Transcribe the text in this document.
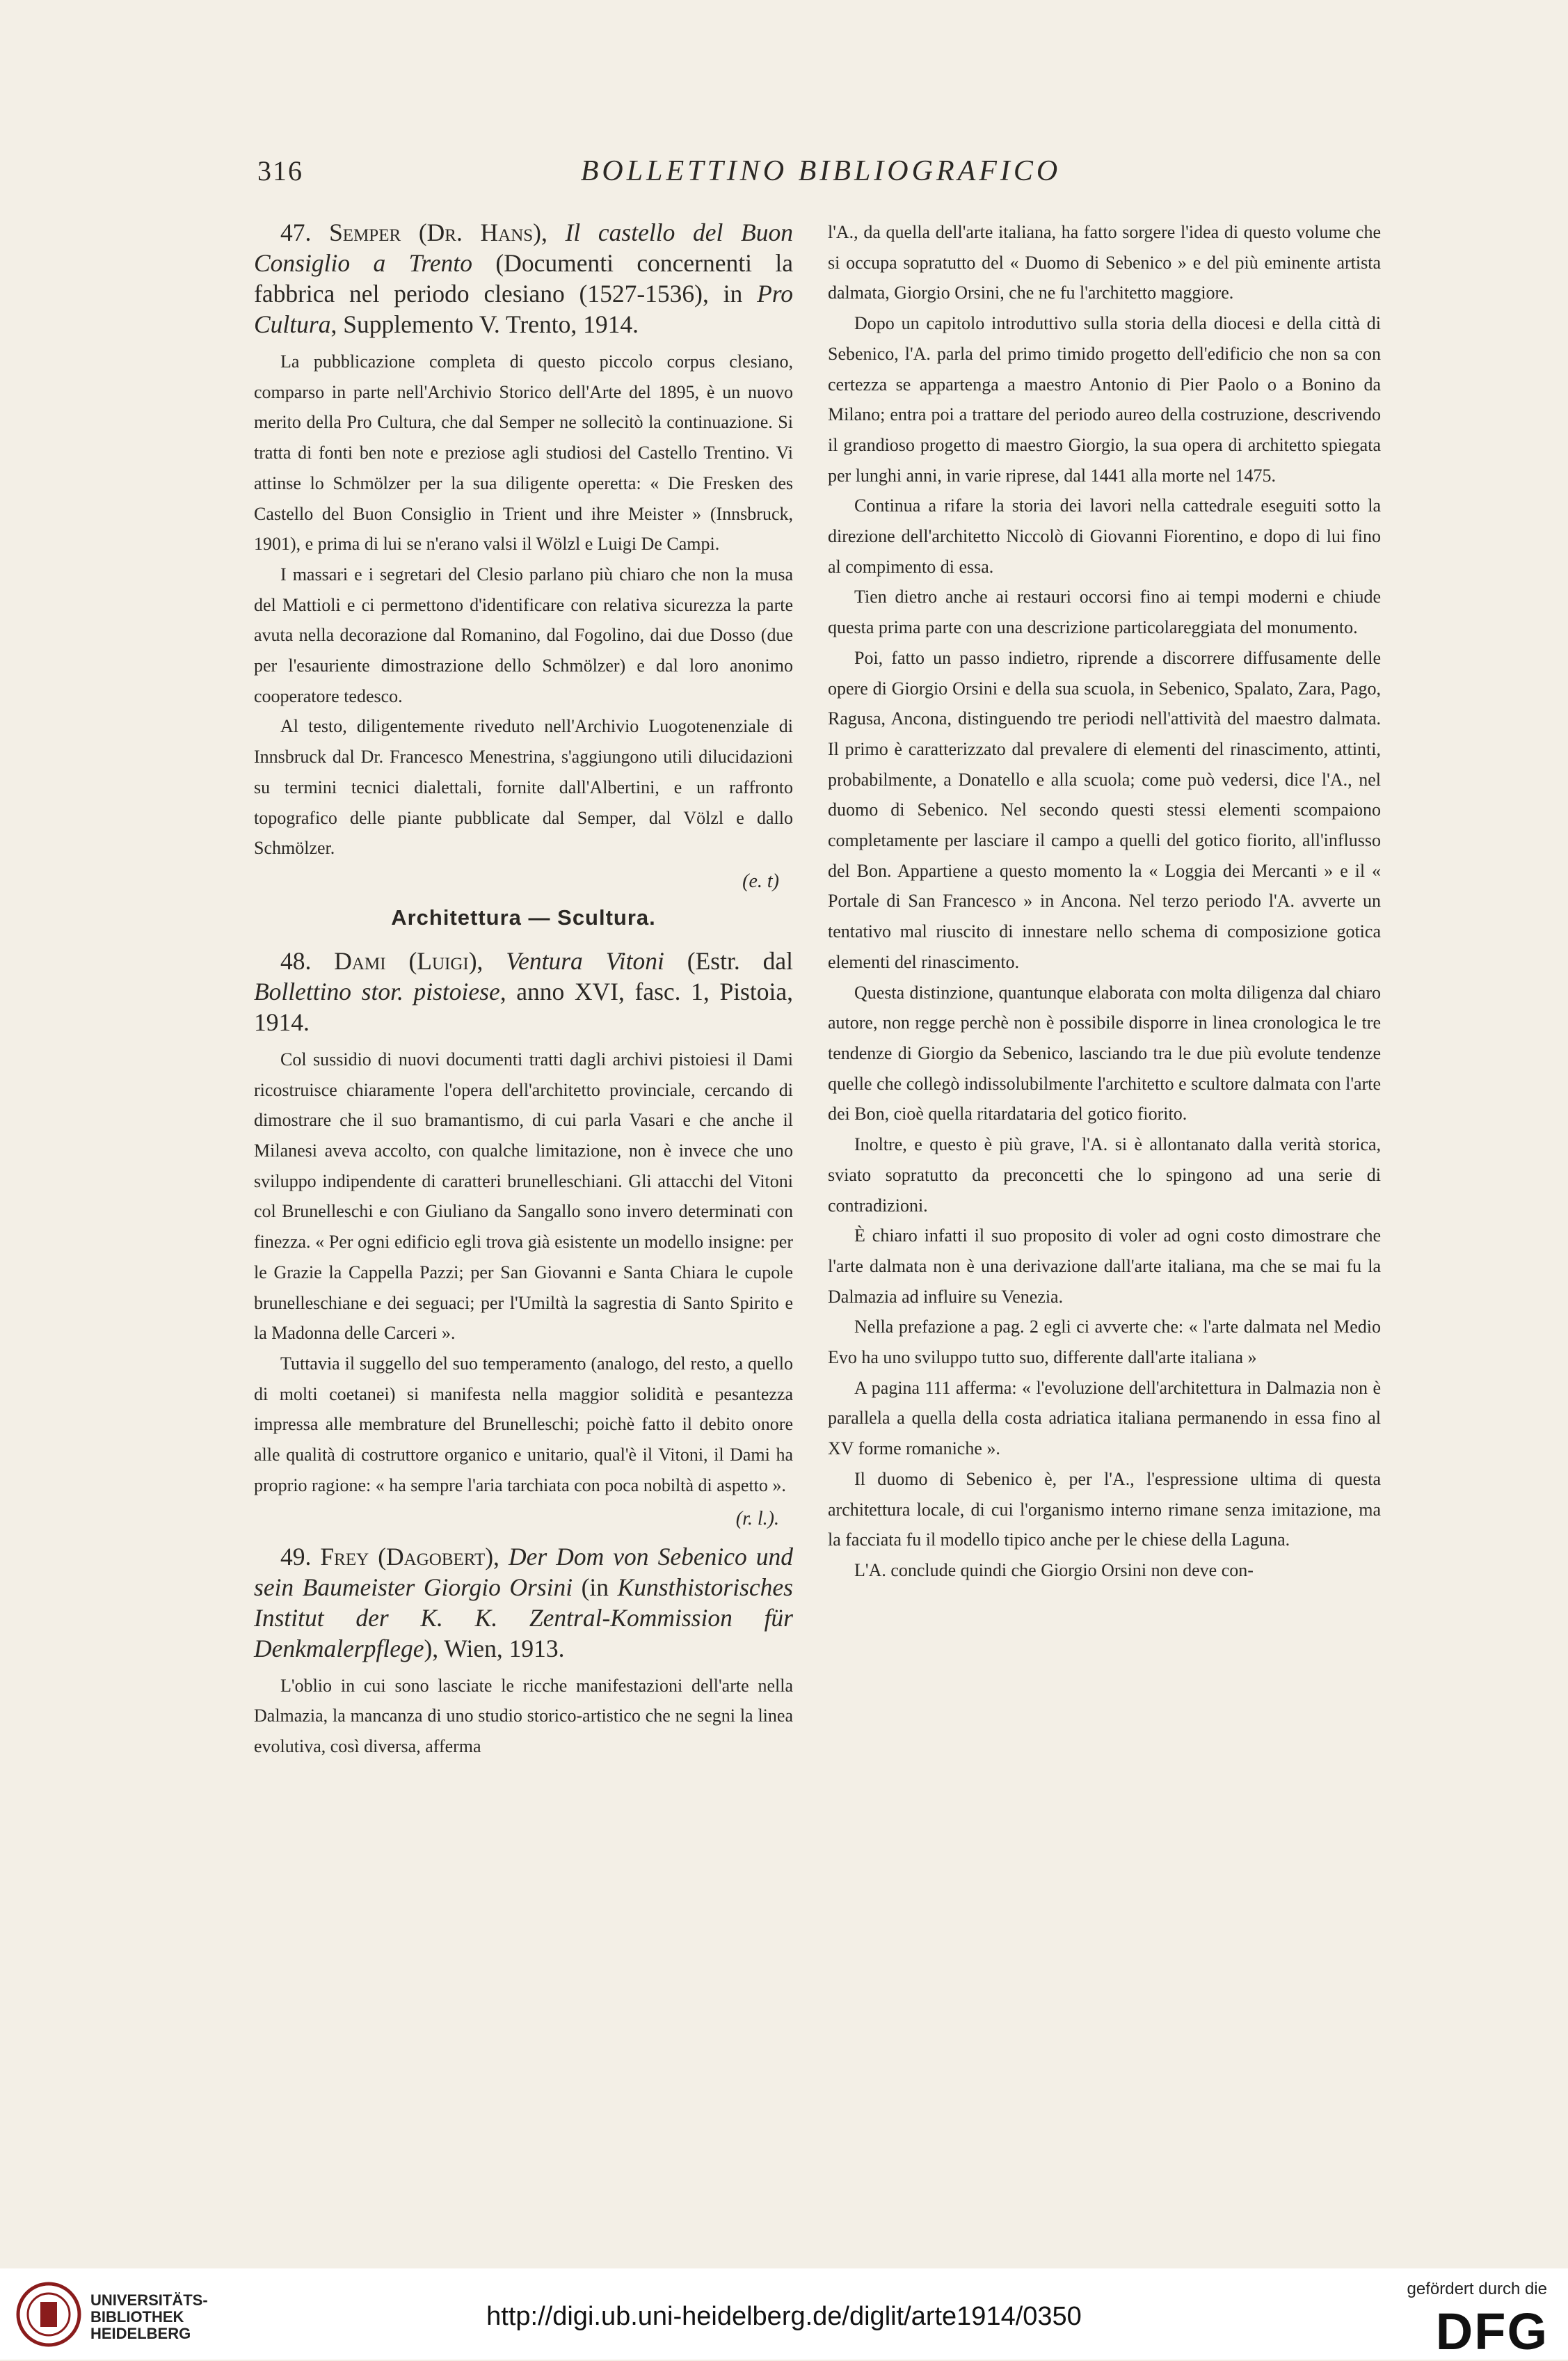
316	BOLLETTINO BIBLIOGRAFICO
47. Semper (Dr. Hans), Il castello del Buon Consiglio a Trento (Documenti concernenti la fabbrica nel periodo clesiano (1527-1536), in Pro Cultura, Supplemento V. Trento, 1914.

La pubblicazione completa di questo piccolo corpus clesiano, comparso in parte nell'Archivio Storico dell'Arte del 1895, è un nuovo merito della Pro Cultura, che dal Semper ne sollecitò la continuazione. Si tratta di fonti ben note e preziose agli studiosi del Castello Trentino. Vi attinse lo Schmölzer per la sua diligente operetta: « Die Fresken des Castello del Buon Consiglio in Trient und ihre Meister » (Innsbruck, 1901), e prima di lui se n'erano valsi il Wölzl e Luigi De Campi.

I massari e i segretari del Clesio parlano più chiaro che non la musa del Mattioli e ci permettono d'identificare con relativa sicurezza la parte avuta nella decorazione dal Romanino, dal Fogolino, dai due Dosso (due per l'esauriente dimostrazione dello Schmölzer) e dal loro anonimo cooperatore tedesco.

Al testo, diligentemente riveduto nell'Archivio Luogotenenziale di Innsbruck dal Dr. Francesco Menestrina, s'aggiungono utili dilucidazioni su termini tecnici dialettali, fornite dall'Albertini, e un raffronto topografico delle piante pubblicate dal Semper, dal Völzl e dallo Schmölzer.

(e. t)
Architettura — Scultura.
48. Dami (Luigi), Ventura Vitoni (Estr. dal Bollettino stor. pistoiese, anno XVI, fasc. 1, Pistoia, 1914.

Col sussidio di nuovi documenti tratti dagli archivi pistoiesi il Dami ricostruisce chiaramente l'opera dell'architetto provinciale, cercando di dimostrare che il suo bramantismo, di cui parla Vasari e che anche il Milanesi aveva accolto, con qualche limitazione, non è invece che uno sviluppo indipendente di caratteri brunelleschiani. Gli attacchi del Vitoni col Brunelleschi e con Giuliano da Sangallo sono invero determinati con finezza. « Per ogni edificio egli trova già esistente un modello insigne: per le Grazie la Cappella Pazzi; per San Giovanni e Santa Chiara le cupole brunelleschiane e dei seguaci; per l'Umiltà la sagrestia di Santo Spirito e la Madonna delle Carceri ».

Tuttavia il suggello del suo temperamento (analogo, del resto, a quello di molti coetanei) si manifesta nella maggior solidità e pesantezza impressa alle membrature del Brunelleschi; poichè fatto il debito onore alle qualità di costruttore organico e unitario, qual'è il Vitoni, il Dami ha proprio ragione: « ha sempre l'aria tarchiata con poca nobiltà di aspetto ».

(r. l.).
49. Frey (Dagobert), Der Dom von Sebenico und sein Baumeister Giorgio Orsini (in Kunsthistorisches Institut der K. K. Zentral-Kommission für Denkmalerpflege), Wien, 1913.

L'oblio in cui sono lasciate le ricche manifestazioni dell'arte nella Dalmazia, la mancanza di uno studio storico-artistico che ne segni la linea evolutiva, così diversa, afferma

l'A., da quella dell'arte italiana, ha fatto sorgere l'idea di questo volume che si occupa sopratutto del « Duomo di Sebenico » e del più eminente artista dalmata, Giorgio Orsini, che ne fu l'architetto maggiore.

Dopo un capitolo introduttivo sulla storia della diocesi e della città di Sebenico, l'A. parla del primo timido progetto dell'edificio che non sa con certezza se appartenga a maestro Antonio di Pier Paolo o a Bonino da Milano; entra poi a trattare del periodo aureo della costruzione, descrivendo il grandioso progetto di maestro Giorgio, la sua opera di architetto spiegata per lunghi anni, in varie riprese, dal 1441 alla morte nel 1475.

Continua a rifare la storia dei lavori nella cattedrale eseguiti sotto la direzione dell'architetto Niccolò di Giovanni Fiorentino, e dopo di lui fino al compimento di essa.

Tien dietro anche ai restauri occorsi fino ai tempi moderni e chiude questa prima parte con una descrizione particolareggiata del monumento.

Poi, fatto un passo indietro, riprende a discorrere diffusamente delle opere di Giorgio Orsini e della sua scuola, in Sebenico, Spalato, Zara, Pago, Ragusa, Ancona, distinguendo tre periodi nell'attività del maestro dalmata. Il primo è caratterizzato dal prevalere di elementi del rinascimento, attinti, probabilmente, a Donatello e alla scuola; come può vedersi, dice l'A., nel duomo di Sebenico. Nel secondo questi stessi elementi scompaiono completamente per lasciare il campo a quelli del gotico fiorito, all'influsso del Bon. Appartiene a questo momento la « Loggia dei Mercanti » e il « Portale di San Francesco » in Ancona. Nel terzo periodo l'A. avverte un tentativo mal riuscito di innestare nello schema di composizione gotica elementi del rinascimento.

Questa distinzione, quantunque elaborata con molta diligenza dal chiaro autore, non regge perchè non è possibile disporre in linea cronologica le tre tendenze di Giorgio da Sebenico, lasciando tra le due più evolute tendenze quelle che collegò indissolubilmente l'architetto e scultore dalmata con l'arte dei Bon, cioè quella ritardataria del gotico fiorito.

Inoltre, e questo è più grave, l'A. si è allontanato dalla verità storica, sviato sopratutto da preconcetti che lo spingono ad una serie di contradizioni.

È chiaro infatti il suo proposito di voler ad ogni costo dimostrare che l'arte dalmata non è una derivazione dall'arte italiana, ma che se mai fu la Dalmazia ad influire su Venezia.

Nella prefazione a pag. 2 egli ci avverte che: « l'arte dalmata nel Medio Evo ha uno sviluppo tutto suo, differente dall'arte italiana »

A pagina 111 afferma: « l'evoluzione dell'architettura in Dalmazia non è parallela a quella della costa adriatica italiana permanendo in essa fino al XV forme romaniche ».

Il duomo di Sebenico è, per l'A., l'espressione ultima di questa architettura locale, di cui l'organismo interno rimane senza imitazione, ma la facciata fu il modello tipico anche per le chiese della Laguna.

L'A. conclude quindi che Giorgio Orsini non deve con-

UNIVERSITÄTS-
BIBLIOTHEK
HEIDELBERG
http://digi.ub.uni-heidelberg.de/diglit/arte1914/0350
gefördert durch die
DFG
